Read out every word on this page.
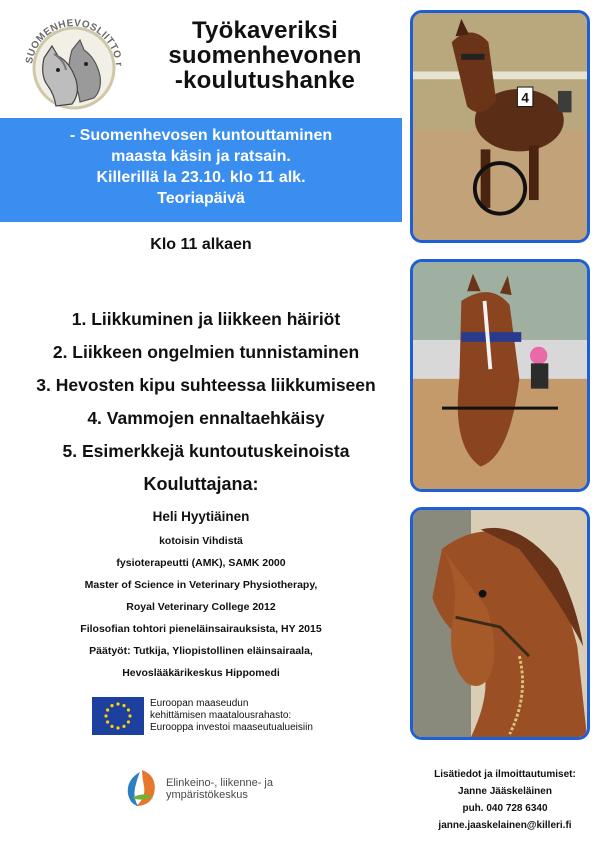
SUOMENHEVOSLIITTO r
Työkaveriksi
suomenhevonen
-koulutushanke
- Suomenhevosen kuntouttaminen
maasta käsin ja ratsain.
Killerillä la 23.10. klo 11 alk.
Teoriapäivä
Klo 11 alkaen
1. Liikkuminen ja liikkeen häiriöt
2. Liikkeen ongelmien tunnistaminen
3. Hevosten kipu suhteessa liikkumiseen
4. Vammojen ennaltaehkäisy
5. Esimerkkejä kuntoutuskeinoista
Kouluttajana:
Heli Hyytiäinen
kotoisin Vihdistä
fysioterapeutti (AMK), SAMK 2000
Master of Science in Veterinary Physiotherapy,
Royal Veterinary College 2012
Filosofian tohtori pieneläinsairauksista, HY 2015
Päätyöt: Tutkija, Yliopistollinen eläinsairaala,
Hevoslääkärikeskus Hippomedi
Euroopan maaseudun
kehittämisen maatalousrahasto:
Eurooppa investoi maaseutualueisiin
Elinkeino-, liikenne- ja
ympäristökeskus
Lisätiedot ja ilmoittautumiset:
Janne Jääskeläinen
puh. 040 728 6340
janne.jaaskelainen@killeri.fi
4
